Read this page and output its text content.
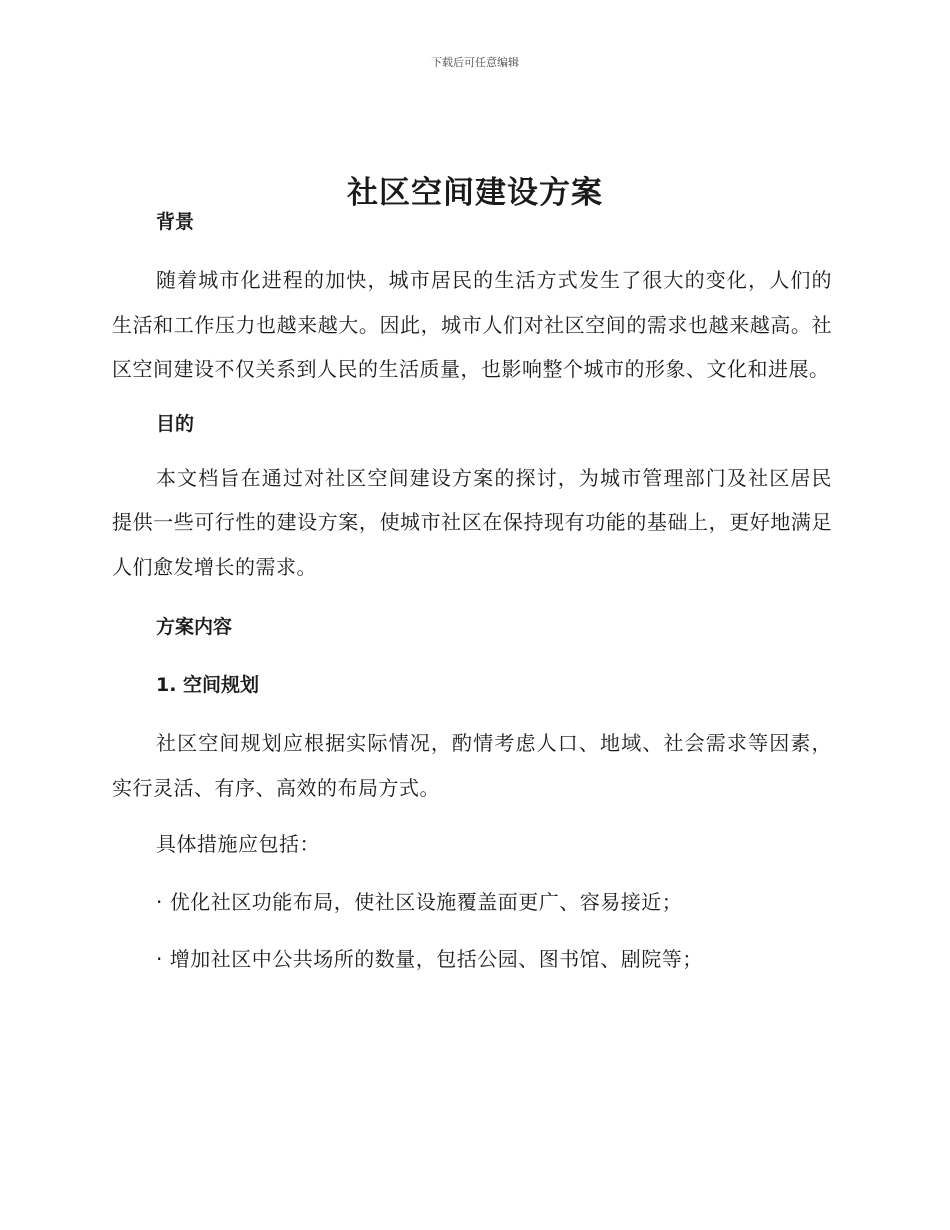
下载后可任意编辑
社区空间建设方案

背景

随着城市化进程的加快，城市居民的生活方式发生了很大的变化，人们的生活和工作压力也越来越大。因此，城市人们对社区空间的需求也越来越高。社区空间建设不仅关系到人民的生活质量，也影响整个城市的形象、文化和进展。

目的

本文档旨在通过对社区空间建设方案的探讨，为城市管理部门及社区居民提供一些可行性的建设方案，使城市社区在保持现有功能的基础上，更好地满足人们愈发增长的需求。

方案内容

1. 空间规划

社区空间规划应根据实际情况，酌情考虑人口、地域、社会需求等因素，实行灵活、有序、高效的布局方式。

具体措施应包括：

· 优化社区功能布局，使社区设施覆盖面更广、容易接近；

· 增加社区中公共场所的数量，包括公园、图书馆、剧院等；
